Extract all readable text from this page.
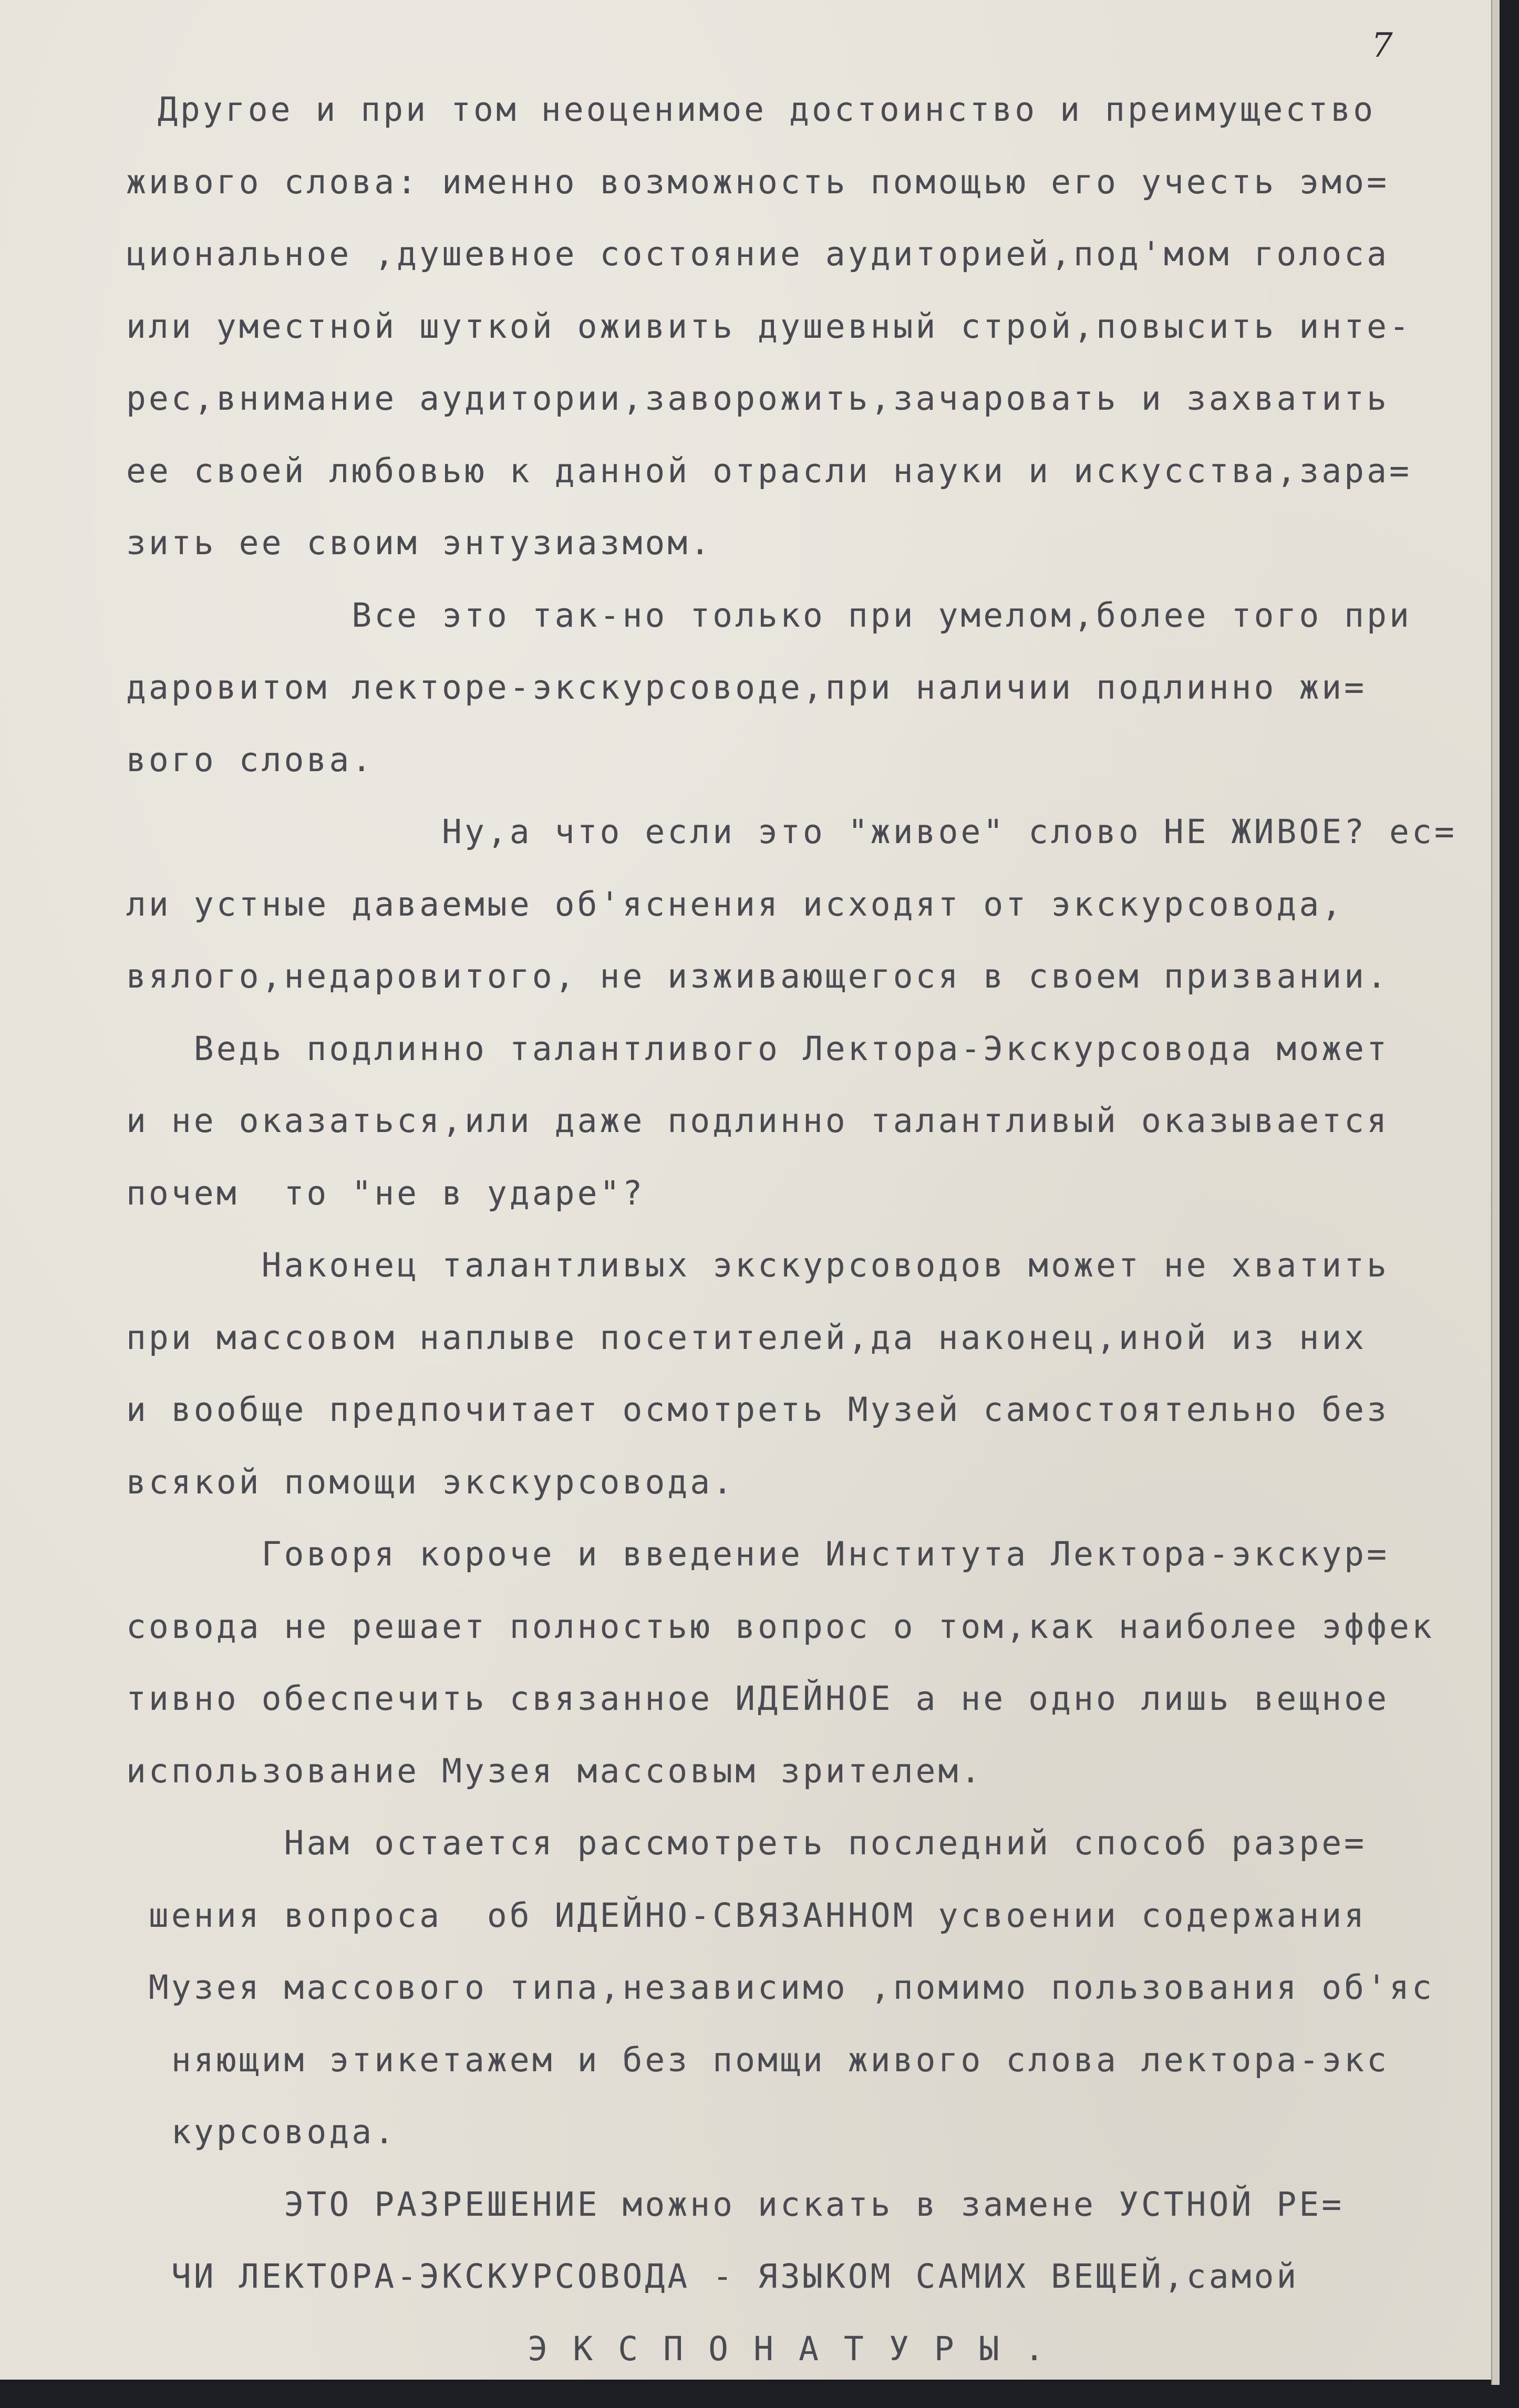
7
Другое и при том неоценимое достоинство и преимущество
живого слова: именно возможность помощью его учесть эмо=
циональное ,душевное состояние аудиторией,под'мом голоса
или уместной шуткой оживить душевный строй,повысить инте-
рес,внимание аудитории,заворожить,зачаровать и захватить
ее своей любовью к данной отрасли науки и искусства,зара=
зить ее своим энтузиазмом.
Все это так-но только при умелом,более того при
даровитом лекторе-экскурсоводе,при наличии подлинно жи=
вого слова.
Ну,а что если это "живое" слово НЕ ЖИВОЕ? ес=
ли устные даваемые об'яснения исходят от экскурсовода,
вялого,недаровитого, не изживающегося в своем призвании.
Ведь подлинно талантливого Лектора-Экскурсовода может
и не оказаться,или даже подлинно талантливый оказывается
почем  то "не в ударе"?
Наконец талантливых экскурсоводов может не хватить
при массовом наплыве посетителей,да наконец,иной из них
и вообще предпочитает осмотреть Музей самостоятельно без
всякой помощи экскурсовода.
Говоря короче и введение Института Лектора-экскур=
совода не решает полностью вопрос о том,как наиболее эффек
тивно обеспечить связанное ИДЕЙНОЕ а не одно лишь вещное
использование Музея массовым зрителем.
Нам остается рассмотреть последний способ разре=
шения вопроса  об ИДЕЙНО-СВЯЗАННОМ усвоении содержания
Музея массового типа,независимо ,помимо пользования об'яс
няющим этикетажем и без помщи живого слова лектора-экс
курсовода.
ЭТО РАЗРЕШЕНИЕ можно искать в замене УСТНОЙ РЕ=
ЧИ ЛЕКТОРА-ЭКСКУРСОВОДА - ЯЗЫКОМ САМИХ ВЕЩЕЙ,самой
ЭКСПОНАТУРЫ.
